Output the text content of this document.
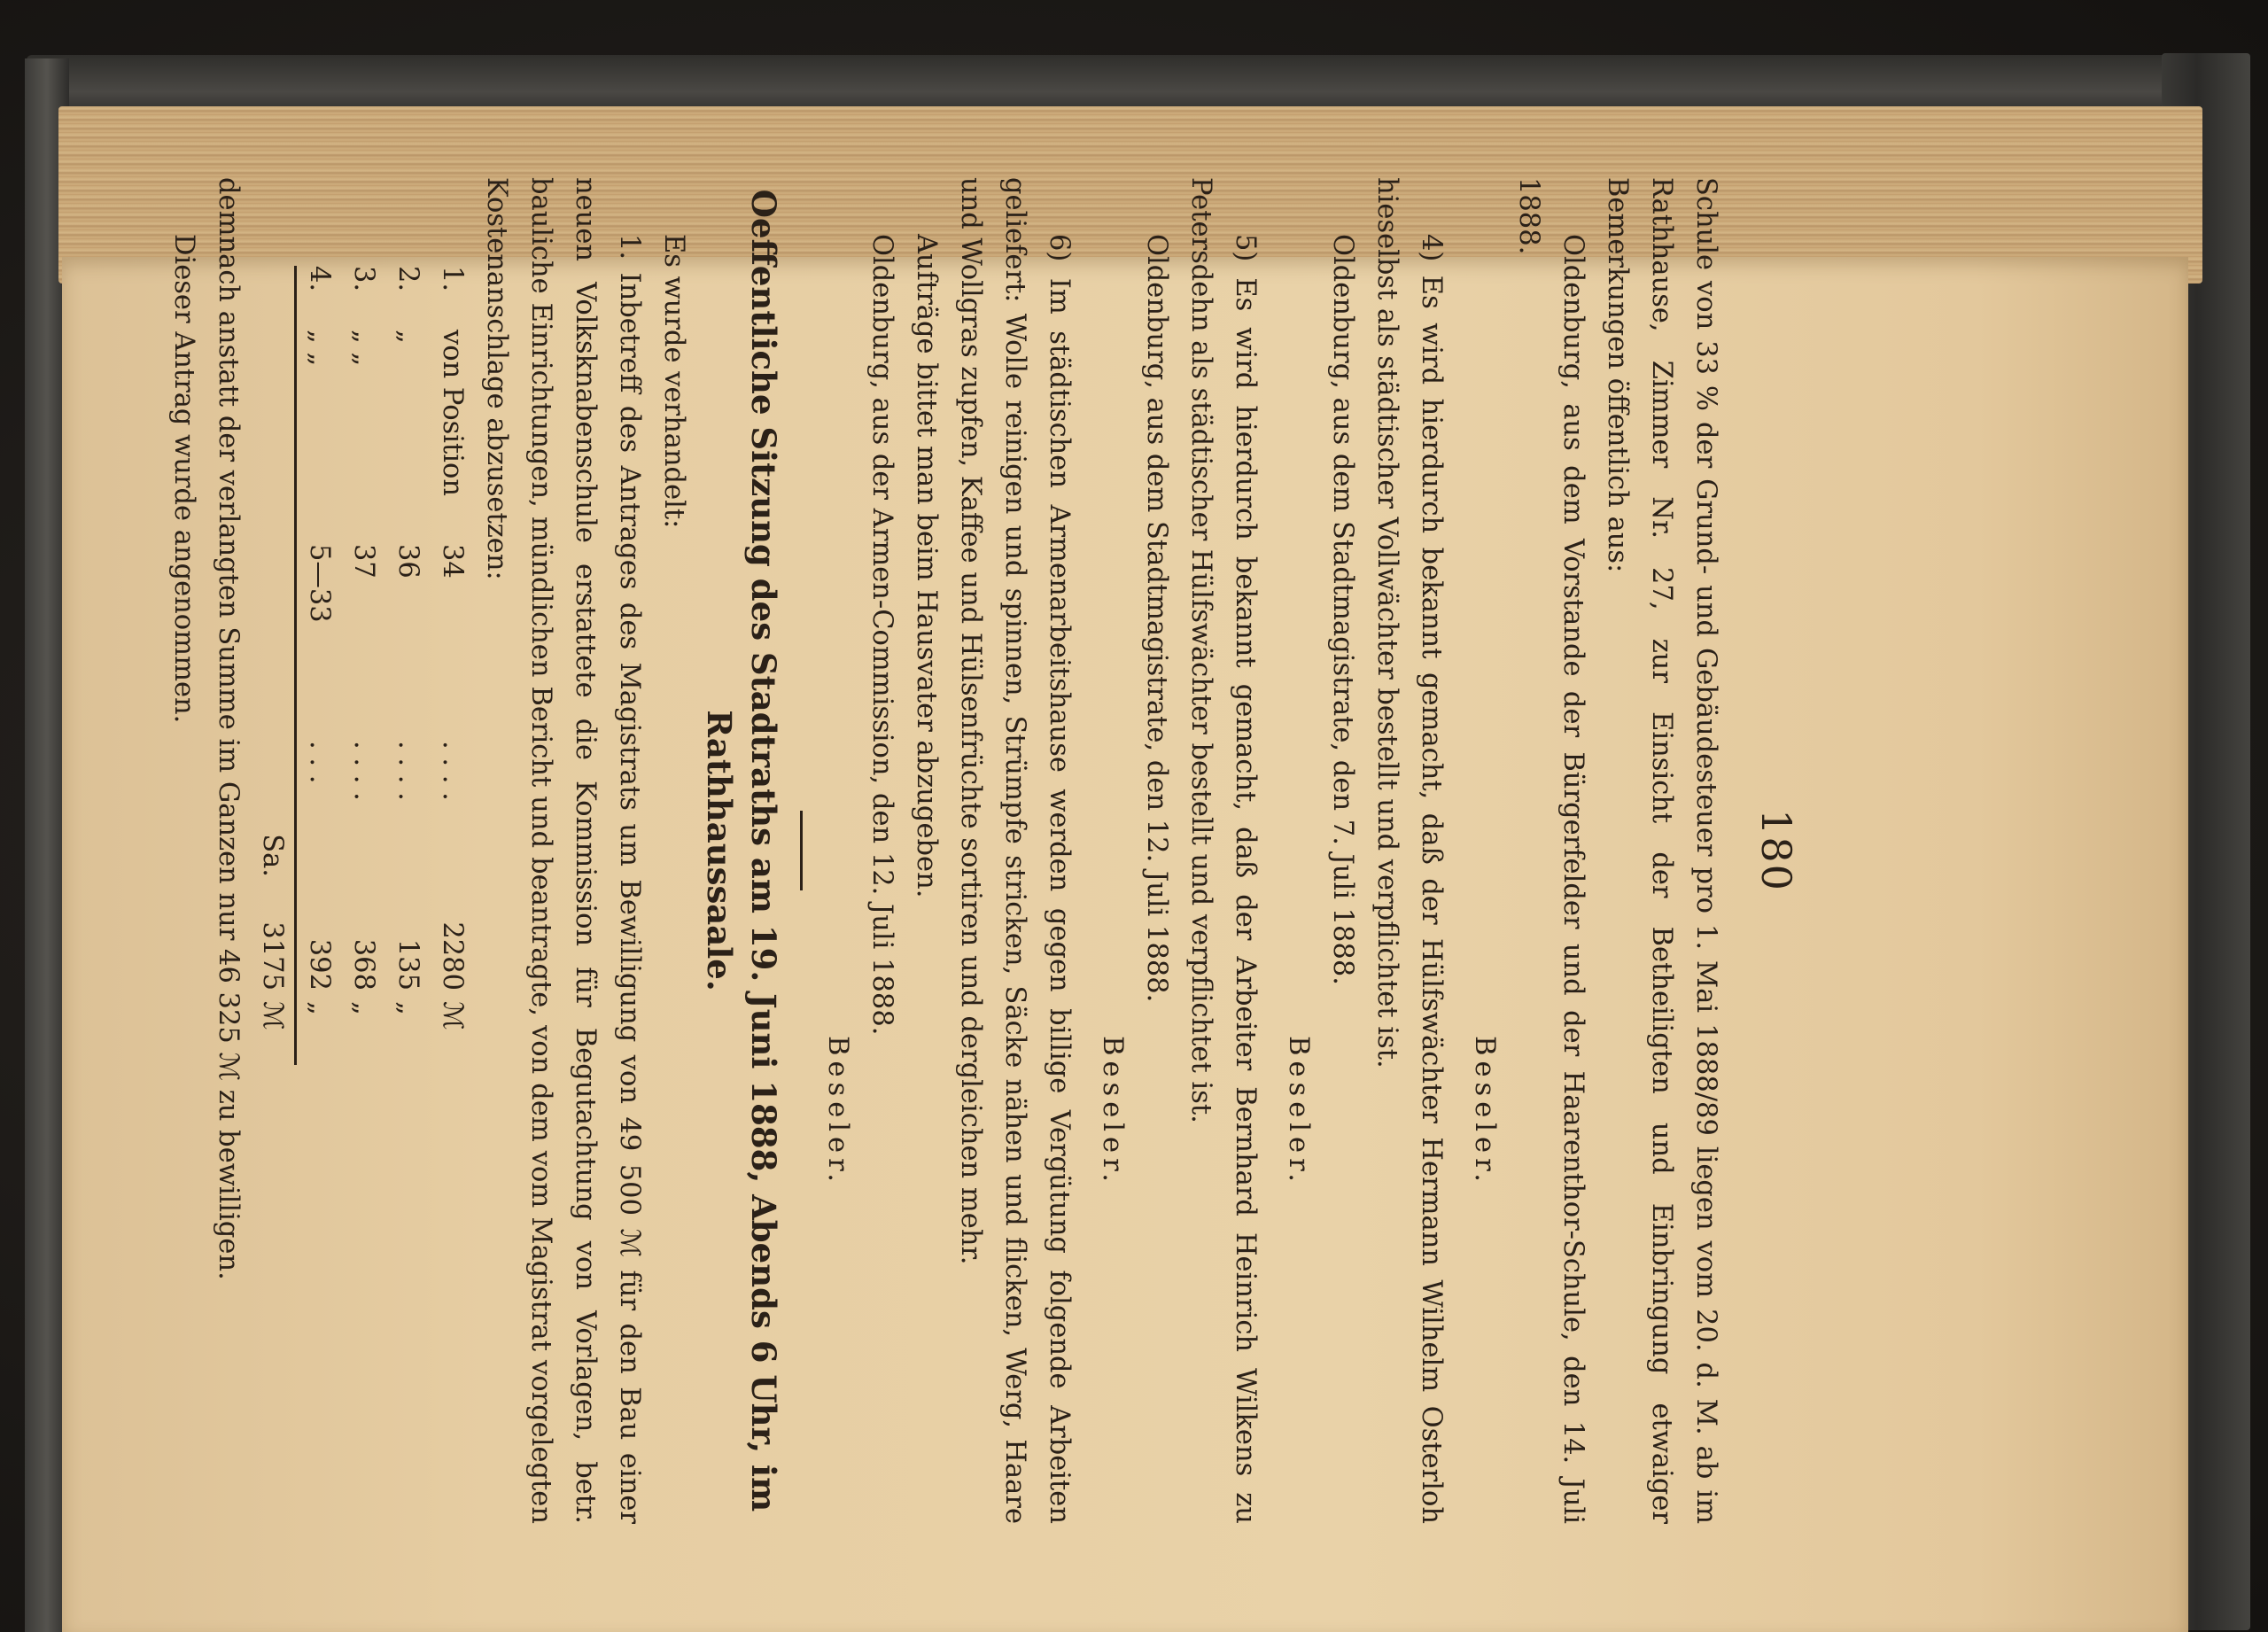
180

Schule von 33 % der Grund- und Gebäudesteuer pro 1. Mai 1888/89 liegen vom 20. d. M. ab im Rathhause, Zimmer Nr. 27, zur Einsicht der Betheiligten und Einbringung etwaiger Bemerkungen öffentlich aus:

Oldenburg, aus dem Vorstande der Bürgerfelder und der Haarenthor-Schule, den 14. Juli 1888.

Beseler.

4) Es wird hierdurch bekannt gemacht, daß der Hülfswächter Hermann Wilhelm Osterloh hieselbst als städtischer Vollwächter bestellt und verpflichtet ist.

Oldenburg, aus dem Stadtmagistrate, den 7. Juli 1888.

Beseler.

5) Es wird hierdurch bekannt gemacht, daß der Arbeiter Bernhard Heinrich Wilkens zu Petersdehn als städtischer Hülfswächter bestellt und verpflichtet ist.

Oldenburg, aus dem Stadtmagistrate, den 12. Juli 1888.

Beseler.

6) Im städtischen Armenarbeitshause werden gegen billige Vergütung folgende Arbeiten geliefert: Wolle reinigen und spinnen, Strümpfe stricken, Säcke nähen und flicken, Werg, Haare und Wollgras zupfen, Kaffee und Hülsenfrüchte sortiren und dergleichen mehr.

Aufträge bittet man beim Hausvater abzugeben.

Oldenburg, aus der Armen-Commission, den 12. Juli 1888.

Beseler.

Oeffentliche Sitzung des Stadtraths am 19. Juni 1888, Abends 6 Uhr, im Rathhaussaale.

Es wurde verhandelt:

1. Inbetreff des Antrages des Magistrats um Bewilligung von 49 500 ℳ für den Bau einer neuen Volksknabenschule erstattete die Kommission für Begutachtung von Vorlagen, betr. bauliche Einrichtungen, mündlichen Bericht und beantragte, von dem vom Magistrat vorgelegten Kostenanschlage abzusetzen:

1.	von Position	34	. . . .	2280	ℳ
2.	„	36	. . . .	135	„
3.	„ „	37	. . . .	368	„
4.	„ „	5—33	. . .	392	„
Sa.				3175	ℳ

demnach anstatt der verlangten Summe im Ganzen nur 46 325 ℳ zu bewilligen.

Dieser Antrag wurde angenommen.
